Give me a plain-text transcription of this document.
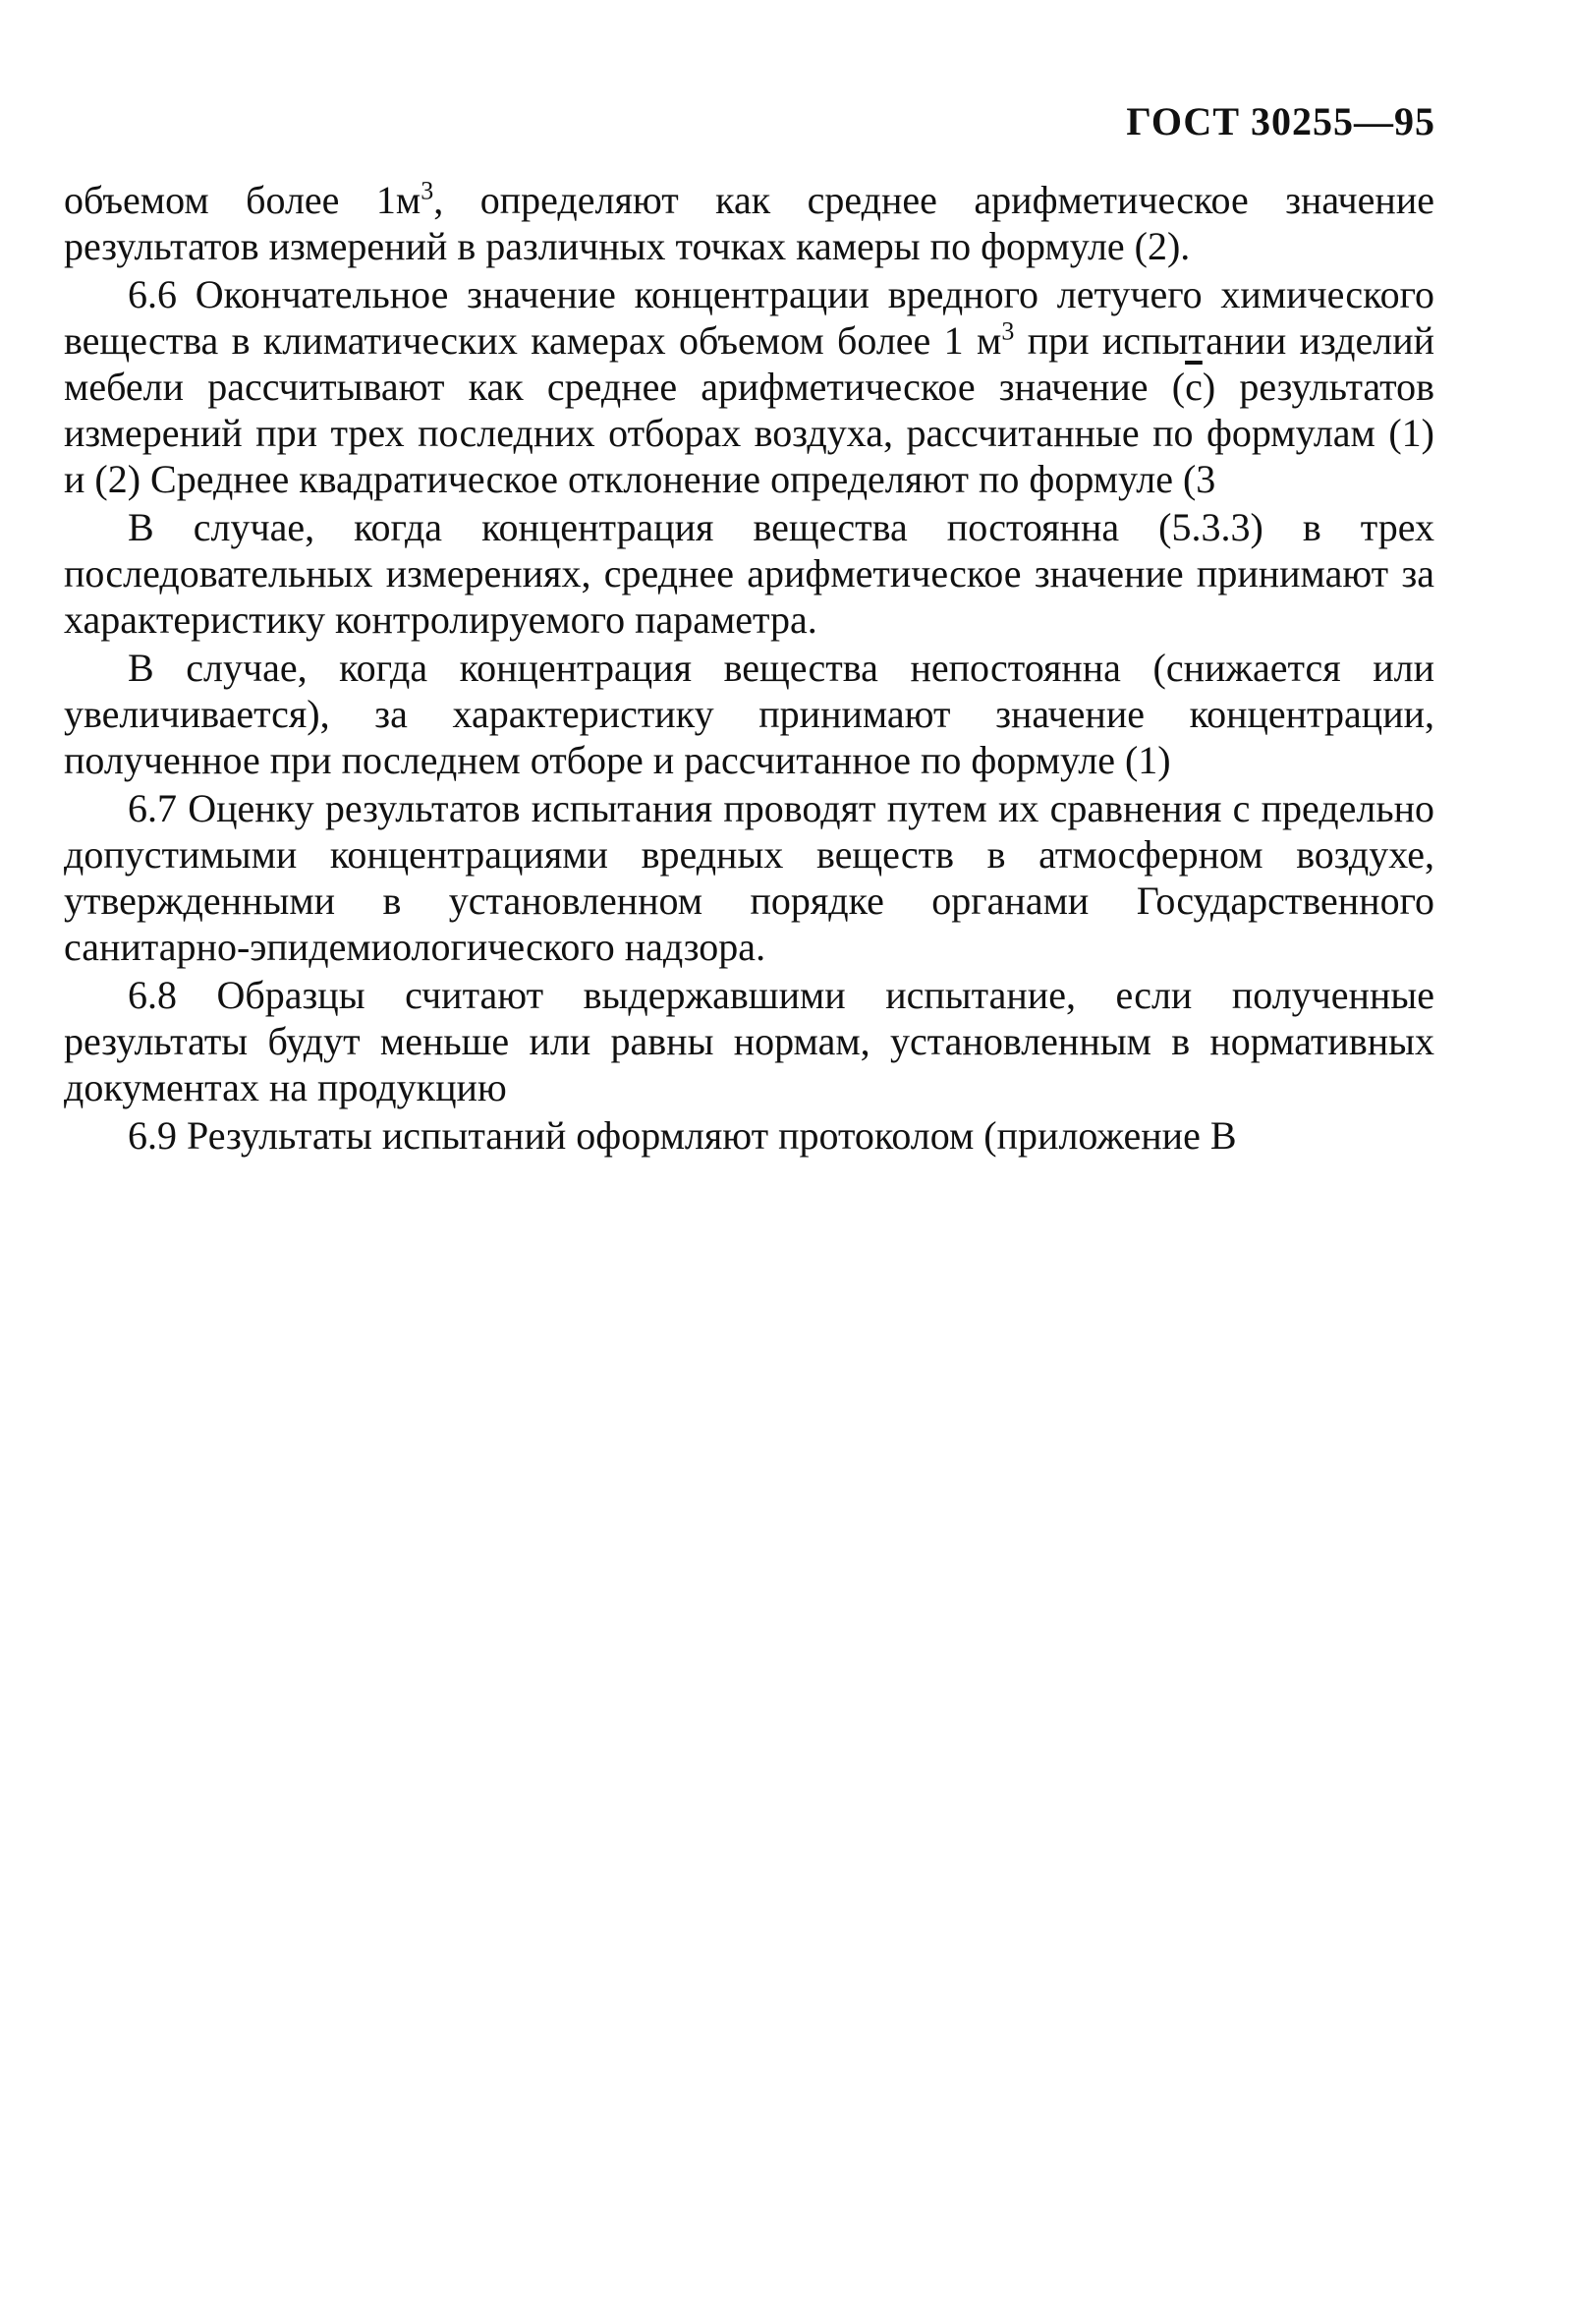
ГОСТ 30255—95

объемом более $1м^3$, определяют как среднее арифметическое значение результатов измерений в различных точках камеры по формуле (2).

6.6 Окончательное значение концентрации вредного летучего химического вещества в климатических камерах объемом более 1 $м^3$ при испытании изделий мебели рассчитывают как среднее арифметическое значение $(\overline{c})$ результатов измерений при трех последних отборах воздуха, рассчитанные по формулам (1) и (2) Среднее квадратическое отклонение определяют по формуле (3

В случае, когда концентрация вещества постоянна (5.3.3) в трех последовательных измерениях, среднее арифметическое значение принимают за характеристику контролируемого параметра.

В случае, когда концентрация вещества непостоянна (снижается или увеличивается), за характеристику принимают значение концентрации, полученное при последнем отборе и рассчитанное по формуле (1)

6.7 Оценку результатов испытания проводят путем их сравнения с предельно допустимыми концентрациями вредных веществ в атмосферном воздухе, утвержденными в установленном порядке органами Государственного санитарно-эпидемиологического надзора.

6.8 Образцы считают выдержавшими испытание, если полученные результаты будут меньше или равны нормам, установленным в нормативных документах на продукцию

6.9 Результаты испытаний оформляют протоколом (приложение В
